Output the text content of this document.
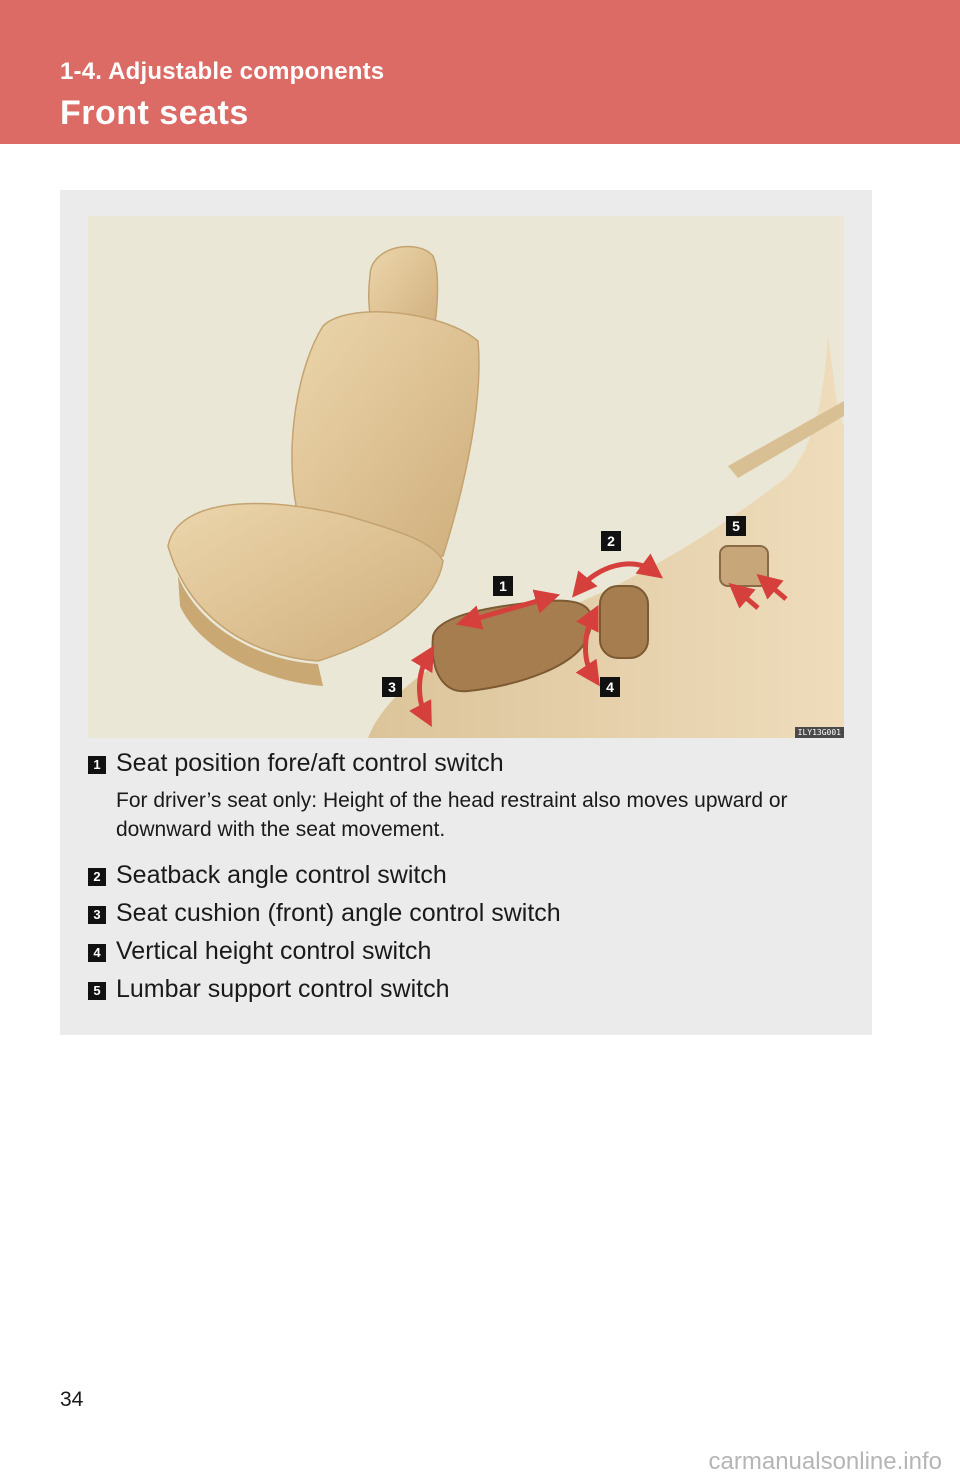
1-4. Adjustable components
Front seats
1
2
3	4
5
ILY13G001
1 Seat position fore/aft control switch
For driver’s seat only: Height of the head restraint also moves upward or downward with the seat movement.
2 Seatback angle control switch
3 Seat cushion (front) angle control switch
4 Vertical height control switch
5 Lumbar support control switch
34
carmanualsonline.info
